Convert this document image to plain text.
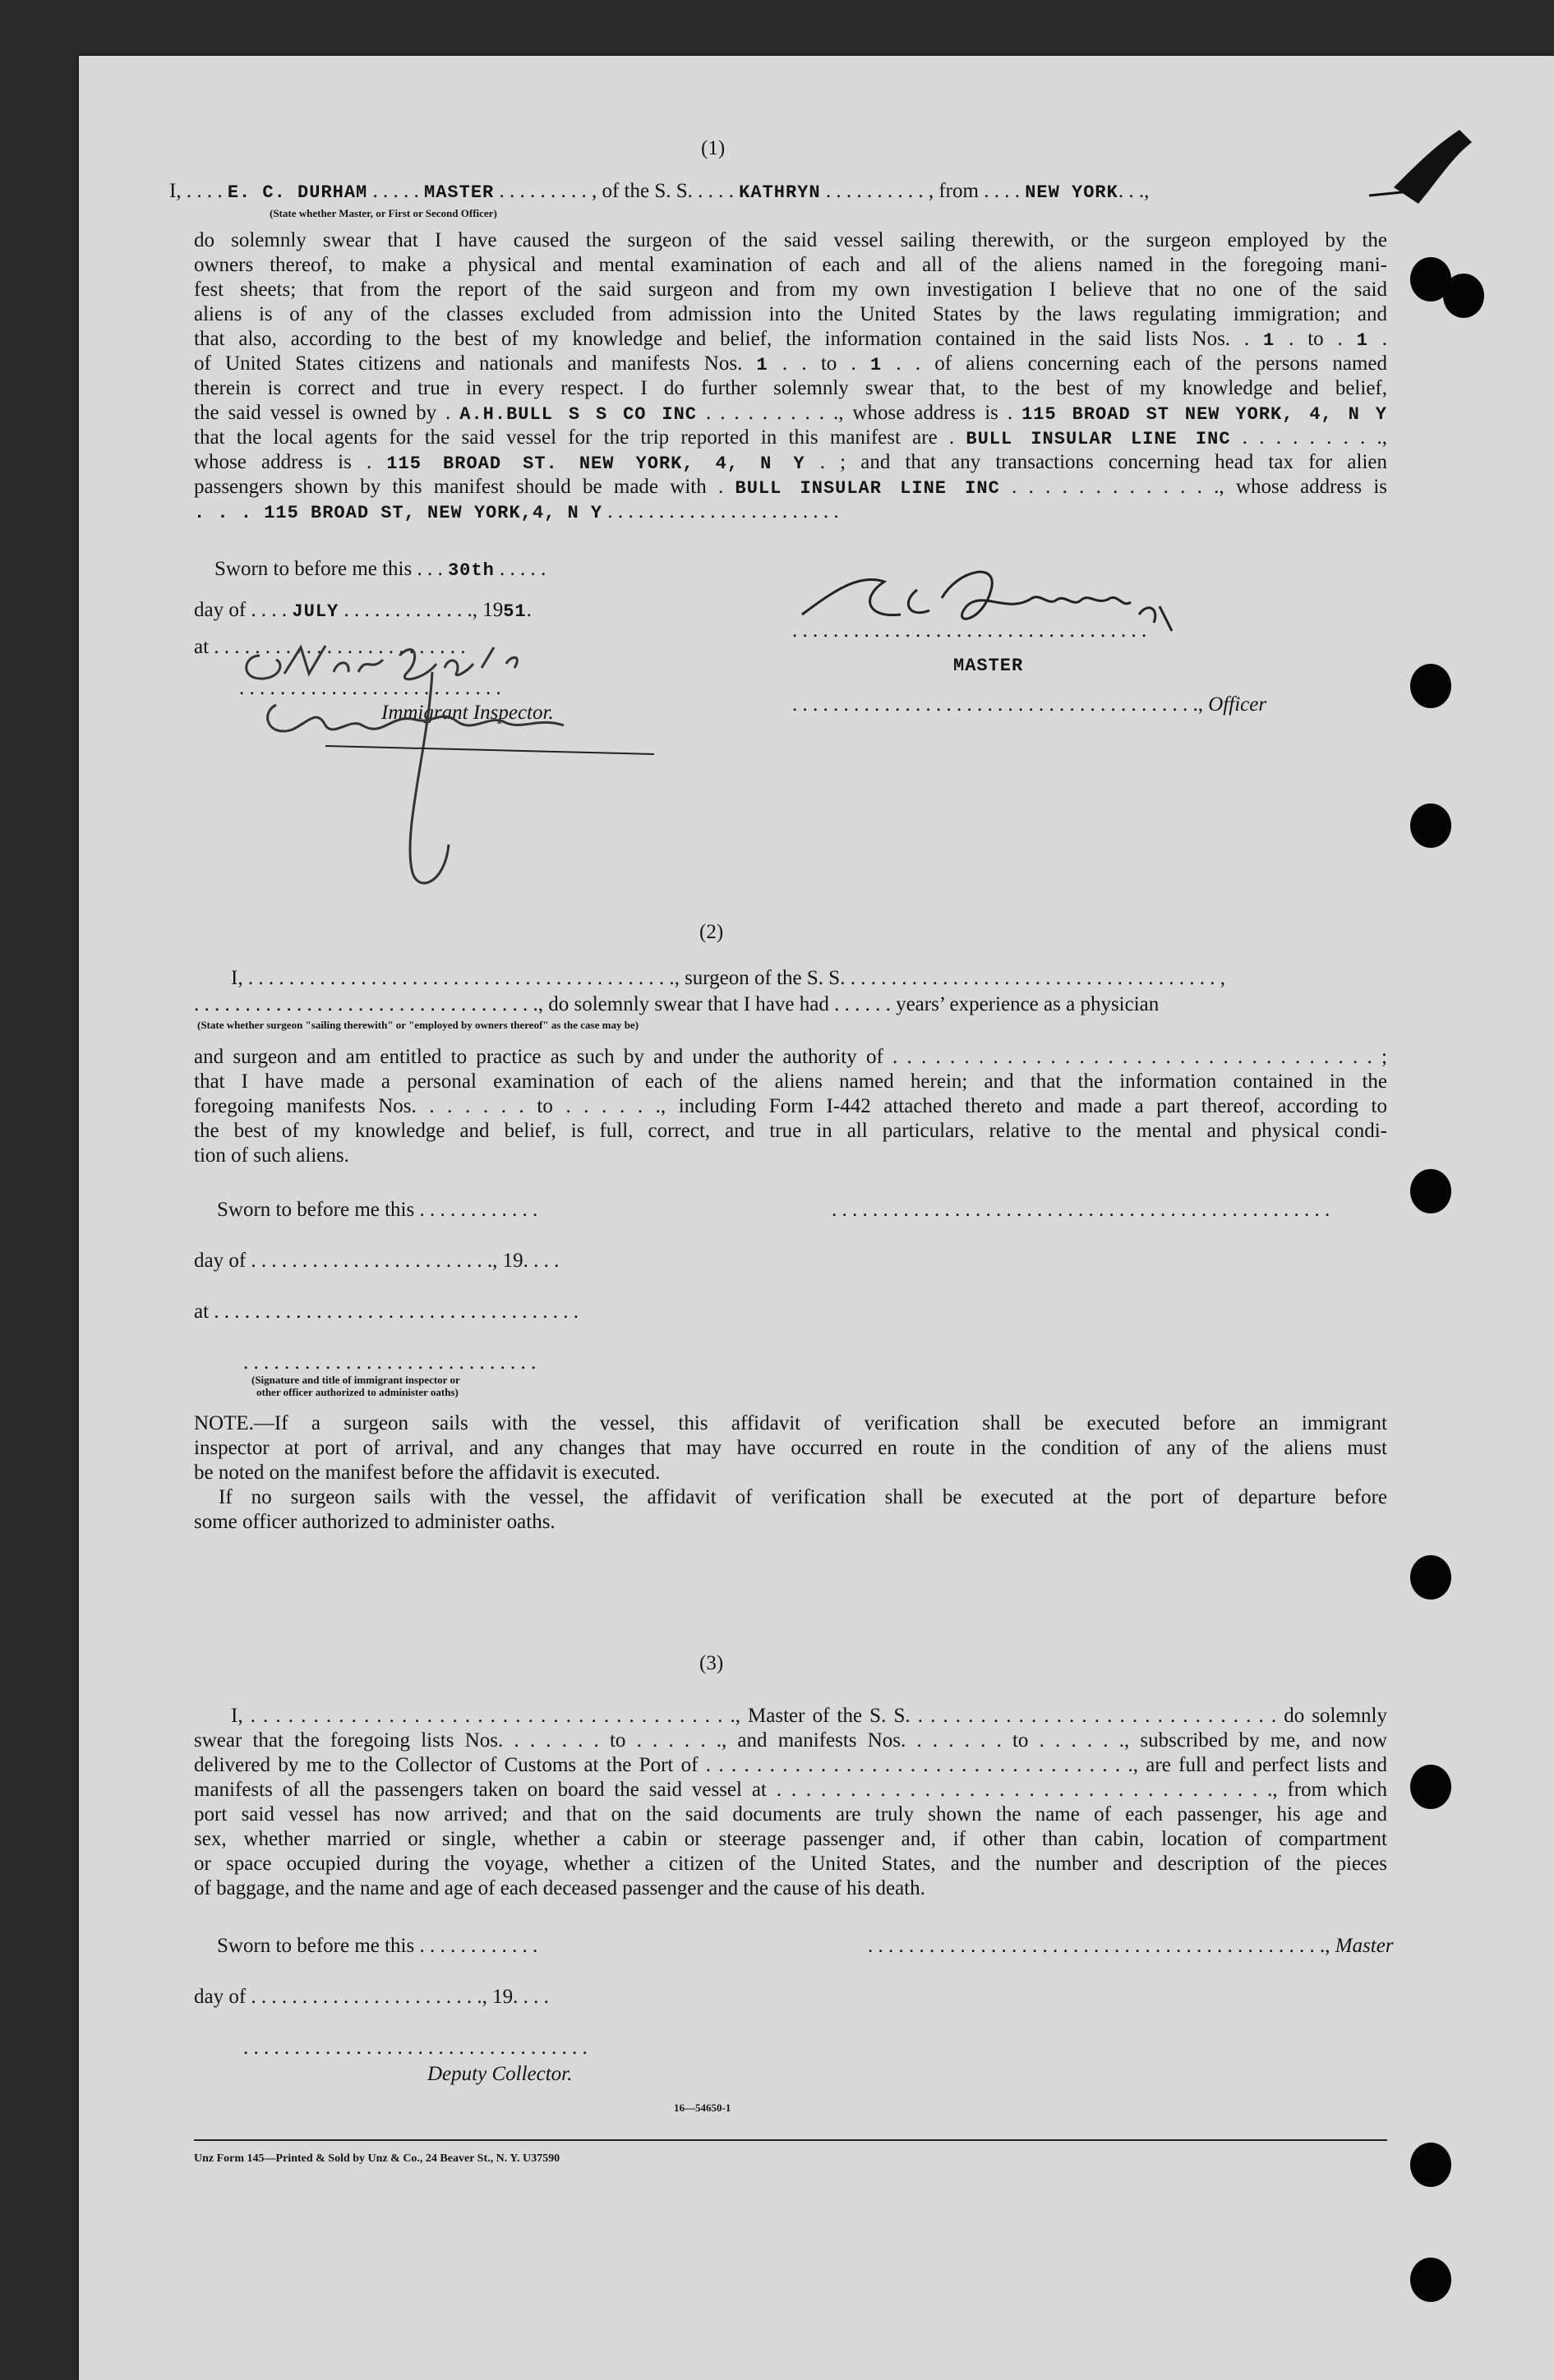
(1)
I, . . . . E. C. DURHAM . . . . . MASTER . . . . . . . . . , of the S. S. . . . . KATHRYN . . . . . . . . . . , from . . . . NEW YORK. . .,
(State whether Master, or First or Second Officer)
do solemnly swear that I have caused the surgeon of the said vessel sailing therewith, or the surgeon employed by the
owners thereof, to make a physical and mental examination of each and all of the aliens named in the foregoing mani-
fest sheets; that from the report of the said surgeon and from my own investigation I believe that no one of the said
aliens is of any of the classes excluded from admission into the United States by the laws regulating immigration; and
that also, according to the best of my knowledge and belief, the information contained in the said lists Nos. . 1 . to . 1 .
of United States citizens and nationals and manifests Nos. 1 . . to . 1 . . of aliens concerning each of the persons named
therein is correct and true in every respect. I do further solemnly swear that, to the best of my knowledge and belief,
the said vessel is owned by . A.H.BULL S S CO INC . . . . . . . . . ., whose address is . 115 BROAD ST NEW YORK, 4, N Y
that the local agents for the said vessel for the trip reported in this manifest are . BULL INSULAR LINE INC . . . . . . . . .,
whose address is . 115 BROAD ST. NEW YORK, 4, N Y . ; and that any transactions concerning head tax for alien
passengers shown by this manifest should be made with . BULL INSULAR LINE INC . . . . . . . . . . . . ., whose address is
. . . 115 BROAD ST, NEW YORK,4, N Y . . . . . . . . . . . . . . . . . . . . . . .
Sworn to before me this . . . 30th . . . . .
day of . . . . JULY . . . . . . . . . . . . ., 1951.
at . . . . . . . . . . . . . . . . . . . . . . . . .
. . . . . . . . . . . . . . . . . . . . . . . . . .
Immigrant Inspector.
. . . . . . . . . . . . . . . . . . . . . . . . . . . . . . . . . . .
MASTER
. . . . . . . . . . . . . . . . . . . . . . . . . . . . . . . . . . . . . . . ., Officer
(2)
I, . . . . . . . . . . . . . . . . . . . . . . . . . . . . . . . . . . . . . . . . . ., surgeon of the S. S. . . . . . . . . . . . . . . . . . . . . . . . . . . . . . . . . . . . . ,
. . . . . . . . . . . . . . . . . . . . . . . . . . . . . . . . . ., do solemnly swear that I have had . . . . . . years’ experience as a physician
(State whether surgeon "sailing therewith" or "employed by owners thereof" as the case may be)
and surgeon and am entitled to practice as such by and under the authority of . . . . . . . . . . . . . . . . . . . . . . . . . . . . . . . . . . ;
that I have made a personal examination of each of the aliens named herein; and that the information contained in the
foregoing manifests Nos. . . . . . . to . . . . . ., including Form I-442 attached thereto and made a part thereof, according to
the best of my knowledge and belief, is full, correct, and true in all particulars, relative to the mental and physical condi-
tion of such aliens.
Sworn to before me this . . . . . . . . . . . .	. . . . . . . . . . . . . . . . . . . . . . . . . . . . . . . . . . . . . . . . . . . . . . . . .
day of . . . . . . . . . . . . . . . . . . . . . . . ., 19. . . .
at . . . . . . . . . . . . . . . . . . . . . . . . . . . . . . . . . . . .
. . . . . . . . . . . . . . . . . . . . . . . . . . . . .
(Signature and title of immigrant inspector or
other officer authorized to administer oaths)
NOTE.—If a surgeon sails with the vessel, this affidavit of verification shall be executed before an immigrant
inspector at port of arrival, and any changes that may have occurred en route in the condition of any of the aliens must
be noted on the manifest before the affidavit is executed.
If no surgeon sails with the vessel, the affidavit of verification shall be executed at the port of departure before
some officer authorized to administer oaths.
(3)
I, . . . . . . . . . . . . . . . . . . . . . . . . . . . . . . . . . . . . . . ., Master of the S. S. . . . . . . . . . . . . . . . . . . . . . . . . . . . . . do solemnly
swear that the foregoing lists Nos. . . . . . . to . . . . . ., and manifests Nos. . . . . . . to . . . . . ., subscribed by me, and now
delivered by me to the Collector of Customs at the Port of . . . . . . . . . . . . . . . . . . . . . . . . . . . . . . . . . ., are full and perfect lists and
manifests of all the passengers taken on board the said vessel at . . . . . . . . . . . . . . . . . . . . . . . . . . . . . . . . . ., from which
port said vessel has now arrived; and that on the said documents are truly shown the name of each passenger, his age and
sex, whether married or single, whether a cabin or steerage passenger and, if other than cabin, location of compartment
or space occupied during the voyage, whether a citizen of the United States, and the number and description of the pieces
of baggage, and the name and age of each deceased passenger and the cause of his death.
Sworn to before me this . . . . . . . . . . . .	. . . . . . . . . . . . . . . . . . . . . . . . . . . . . . . . . . . . . . . . . . . . ., Master
day of . . . . . . . . . . . . . . . . . . . . . . ., 19. . . .
. . . . . . . . . . . . . . . . . . . . . . . . . . . . . . . . . .
Deputy Collector.
16—54650-1
Unz Form 145—Printed & Sold by Unz & Co., 24 Beaver St., N. Y. U37590
